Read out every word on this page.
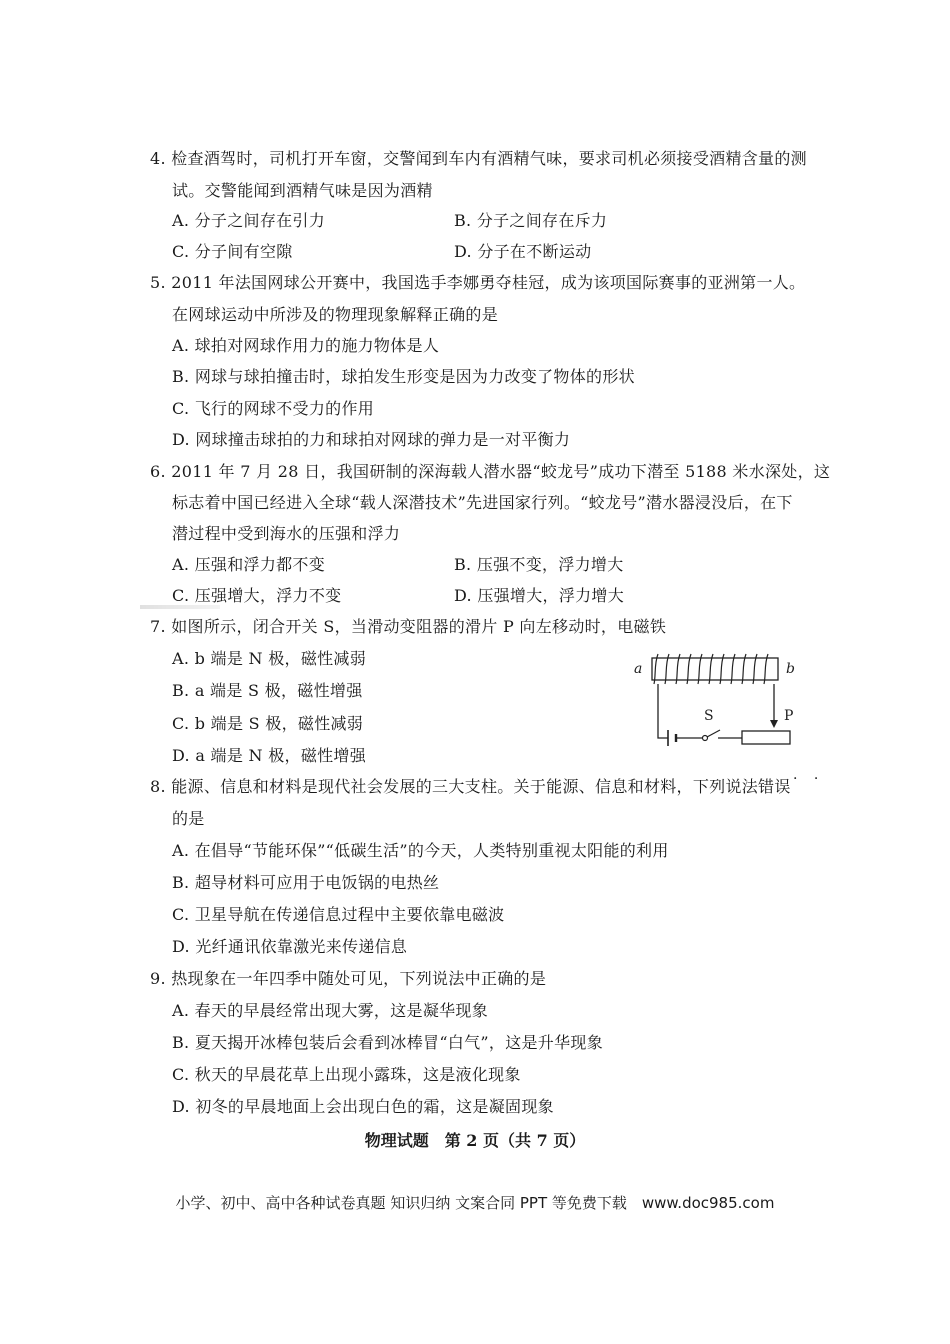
4. 检查酒驾时，司机打开车窗，交警闻到车内有酒精气味，要求司机必须接受酒精含量的测
试。交警能闻到酒精气味是因为酒精
A. 分子之间存在引力	B. 分子之间存在斥力
C. 分子间有空隙	D. 分子在不断运动
5. 2011 年法国网球公开赛中，我国选手李娜勇夺桂冠，成为该项国际赛事的亚洲第一人。
在网球运动中所涉及的物理现象解释正确的是
A. 球拍对网球作用力的施力物体是人
B. 网球与球拍撞击时，球拍发生形变是因为力改变了物体的形状
C. 飞行的网球不受力的作用
D. 网球撞击球拍的力和球拍对网球的弹力是一对平衡力
6. 2011 年 7 月 28 日，我国研制的深海载人潜水器“蛟龙号”成功下潜至 5188 米水深处，这
标志着中国已经进入全球“载人深潜技术”先进国家行列。“蛟龙号”潜水器浸没后，在下
潜过程中受到海水的压强和浮力
A. 压强和浮力都不变	B. 压强不变，浮力增大
C. 压强增大，浮力不变	D. 压强增大，浮力增大
7. 如图所示，闭合开关 S，当滑动变阻器的滑片 P 向左移动时，电磁铁
A. b 端是 N 极，磁性减弱
B. a 端是 S 极，磁性增强
C. b 端是 S 极，磁性减弱
D. a 端是 N 极，磁性增强
a	b
S	P
8. 能源、信息和材料是现代社会发展的三大支柱。关于能源、信息和材料，下列说法错误 · ·
的是
A. 在倡导“节能环保”“低碳生活”的今天，人类特别重视太阳能的利用
B. 超导材料可应用于电饭锅的电热丝
C. 卫星导航在传递信息过程中主要依靠电磁波
D. 光纤通讯依靠激光来传递信息
9. 热现象在一年四季中随处可见，下列说法中正确的是
A. 春天的早晨经常出现大雾，这是凝华现象
B. 夏天揭开冰棒包装后会看到冰棒冒“白气”，这是升华现象
C. 秋天的早晨花草上出现小露珠，这是液化现象
D. 初冬的早晨地面上会出现白色的霜，这是凝固现象
物理试题　第 2 页（共 7 页）
小学、初中、高中各种试卷真题 知识归纳 文案合同 PPT 等免费下载　www.doc985.com
